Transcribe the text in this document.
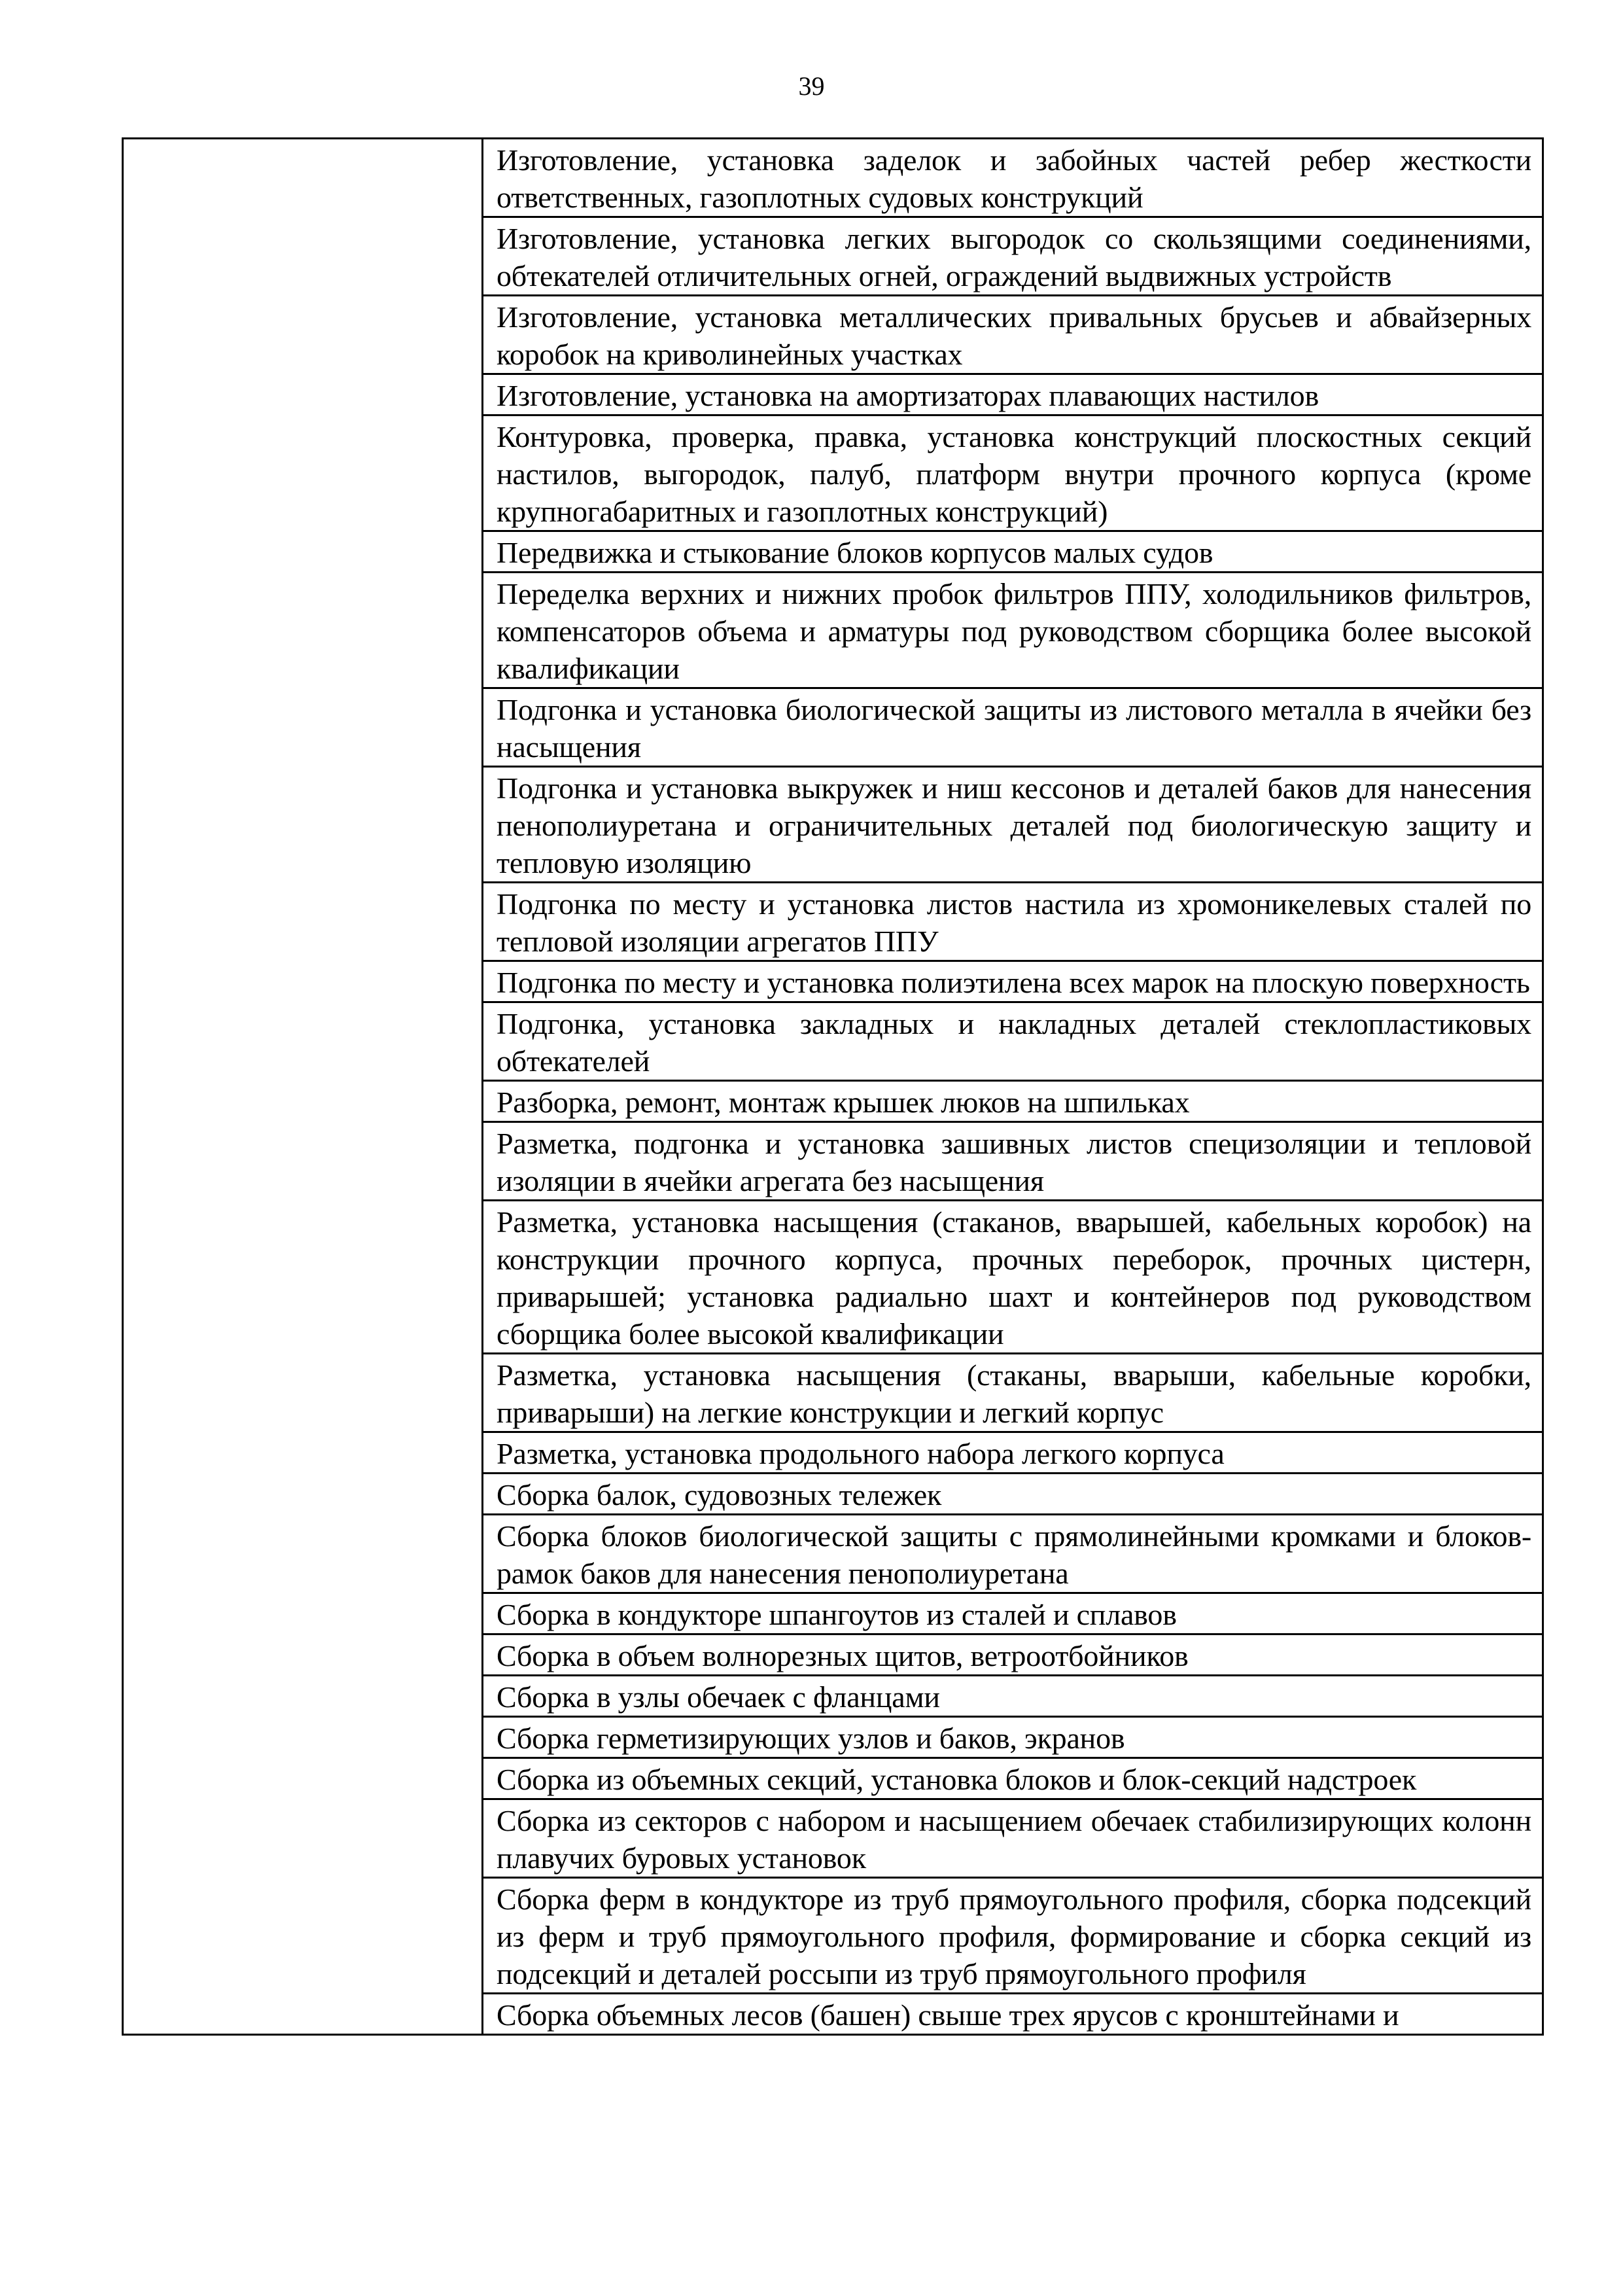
39

Изготовление, установка заделок и забойных частей ребер жесткости ответственных, газоплотных судовых конструкций

Изготовление, установка легких выгородок со скользящими соединениями, обтекателей отличительных огней, ограждений выдвижных устройств

Изготовление, установка металлических привальных брусьев и абвайзерных коробок на криволинейных участках

Изготовление, установка на амортизаторах плавающих настилов

Контуровка, проверка, правка, установка конструкций плоскостных секций настилов, выгородок, палуб, платформ внутри прочного корпуса (кроме крупногабаритных и газоплотных конструкций)

Передвижка и стыкование блоков корпусов малых судов

Переделка верхних и нижних пробок фильтров ППУ, холодильников фильтров, компенсаторов объема и арматуры под руководством сборщика более высокой квалификации

Подгонка и установка биологической защиты из листового металла в ячейки без насыщения

Подгонка и установка выкружек и ниш кессонов и деталей баков для нанесения пенополиуретана и ограничительных деталей под биологическую защиту и тепловую изоляцию

Подгонка по месту и установка листов настила из хромоникелевых сталей по тепловой изоляции агрегатов ППУ

Подгонка по месту и установка полиэтилена всех марок на плоскую поверхность

Подгонка, установка закладных и накладных деталей стеклопластиковых обтекателей

Разборка, ремонт, монтаж крышек люков на шпильках

Разметка, подгонка и установка зашивных листов специзоляции и тепловой изоляции в ячейки агрегата без насыщения

Разметка, установка насыщения (стаканов, вварышей, кабельных коробок) на конструкции прочного корпуса, прочных переборок, прочных цистерн, приварышей; установка радиально шахт и контейнеров под руководством сборщика более высокой квалификации

Разметка, установка насыщения (стаканы, вварыши, кабельные коробки, приварыши) на легкие конструкции и легкий корпус

Разметка, установка продольного набора легкого корпуса

Сборка балок, судовозных тележек

Сборка блоков биологической защиты с прямолинейными кромками и блоков-рамок баков для нанесения пенополиуретана

Сборка в кондукторе шпангоутов из сталей и сплавов

Сборка в объем волнорезных щитов, ветроотбойников

Сборка в узлы обечаек с фланцами

Сборка герметизирующих узлов и баков, экранов

Сборка из объемных секций, установка блоков и блок-секций надстроек

Сборка из секторов с набором и насыщением обечаек стабилизирующих колонн плавучих буровых установок

Сборка ферм в кондукторе из труб прямоугольного профиля, сборка подсекций из ферм и труб прямоугольного профиля, формирование и сборка секций из подсекций и деталей россыпи из труб прямоугольного профиля

Сборка объемных лесов (башен) свыше трех ярусов с кронштейнами и
